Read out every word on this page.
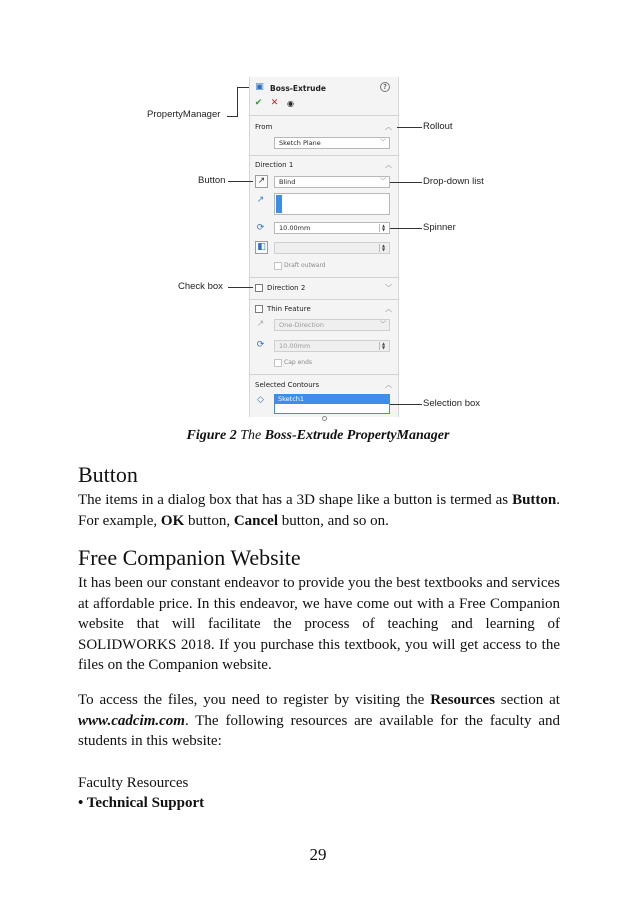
▣ Boss-Extrude	?
✔ ✕ ◉
From	︿
Sketch Plane	﹀
Direction 1	︿
↗	Blind	﹀
↗
⟳	10.00mm	▲
▼
◧	▲
▼
Draft outward
Direction 2	﹀
Thin Feature	︿
↗	One-Direction	﹀
⟳	10.00mm	▲
▼
Cap ends
Selected Contours	︿
◇	Sketch1
PropertyManager
Button
Check box
Rollout
Drop-down list
Spinner
Selection box
Figure 2 The Boss-Extrude PropertyManager
Button

The items in a dialog box that has a 3D shape like a button is termed as Button. For example, OK button, Cancel button, and so on.

Free Companion Website

It has been our constant endeavor to provide you the best textbooks and services at affordable price. In this endeavor, we have come out with a Free Companion website that will facilitate the process of teaching and learning of SOLIDWORKS 2018. If you purchase this textbook, you will get access to the files on the Companion website.

To access the files, you need to register by visiting the Resources section at www.cadcim.com. The following resources are available for the faculty and students in this website:

Faculty Resources
• Technical Support
29
